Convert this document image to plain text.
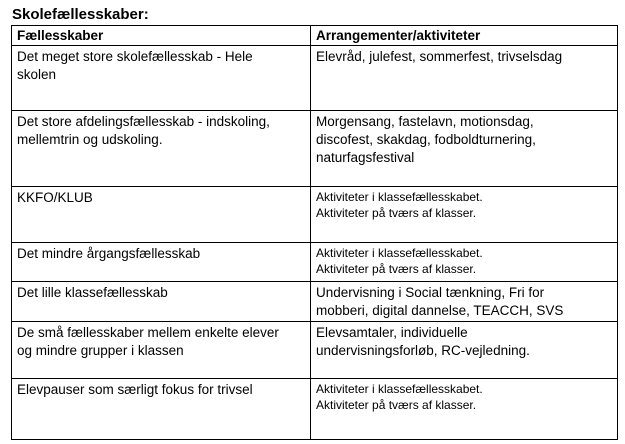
Skolefællesskaber:
Fællesskaber	Arrangementer/aktiviteter

Det meget store skolefællesskab - Hele
skolen	Elevråd, julefest, sommerfest, trivselsdag

Det store afdelingsfællesskab - indskoling,
mellemtrin og udskoling.	Morgensang, fastelavn, motionsdag,
discofest, skakdag, fodboldturnering,
naturfagsfestival

KKFO/KLUB	Aktiviteter i klassefællesskabet.
Aktiviteter på tværs af klasser.

Det mindre årgangsfællesskab	Aktiviteter i klassefællesskabet.
Aktiviteter på tværs af klasser.

Det lille klassefællesskab	Undervisning i Social tænkning, Fri for
mobberi, digital dannelse, TEACCH, SVS

De små fællesskaber mellem enkelte elever
og mindre grupper i klassen	Elevsamtaler, individuelle
undervisningsforløb, RC-vejledning.

Elevpauser som særligt fokus for trivsel	Aktiviteter i klassefællesskabet.
Aktiviteter på tværs af klasser.
